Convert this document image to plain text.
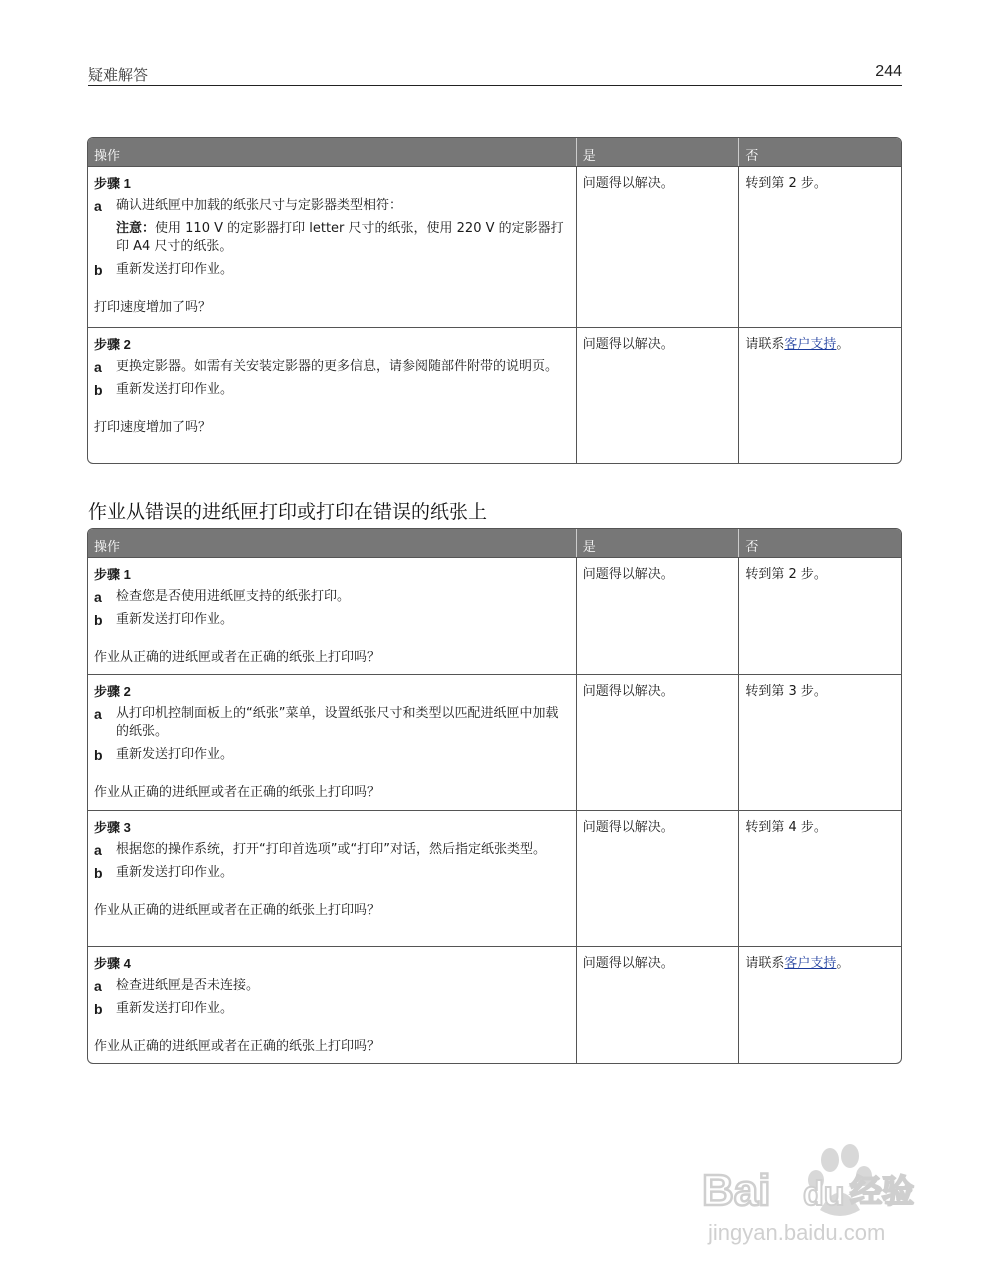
疑难解答	244
操作	是	否
步骤 1
a 确认进纸匣中加载的纸张尺寸与定影器类型相符：
注意：使用 110 V 的定影器打印 letter 尺寸的纸张，使用 220 V 的定影器打印 A4 尺寸的纸张。
b 重新发送打印作业。
打印速度增加了吗？
问题得以解决。	转到第 2 步。
步骤 2
a 更换定影器。如需有关安装定影器的更多信息，请参阅随部件附带的说明页。
b 重新发送打印作业。
打印速度增加了吗？
问题得以解决。	请联系客户支持。
作业从错误的进纸匣打印或打印在错误的纸张上
操作	是	否
步骤 1
a 检查您是否使用进纸匣支持的纸张打印。
b 重新发送打印作业。
作业从正确的进纸匣或者在正确的纸张上打印吗？
问题得以解决。	转到第 2 步。
步骤 2
a 从打印机控制面板上的“纸张”菜单，设置纸张尺寸和类型以匹配进纸匣中加载的纸张。
b 重新发送打印作业。
作业从正确的进纸匣或者在正确的纸张上打印吗？
问题得以解决。	转到第 3 步。
步骤 3
a 根据您的操作系统，打开“打印首选项”或“打印”对话，然后指定纸张类型。
b 重新发送打印作业。
作业从正确的进纸匣或者在正确的纸张上打印吗？
问题得以解决。	转到第 4 步。
步骤 4
a 检查进纸匣是否未连接。
b 重新发送打印作业。
作业从正确的进纸匣或者在正确的纸张上打印吗？
问题得以解决。	请联系客户支持。
Bai du 经验
jingyan.baidu.com
